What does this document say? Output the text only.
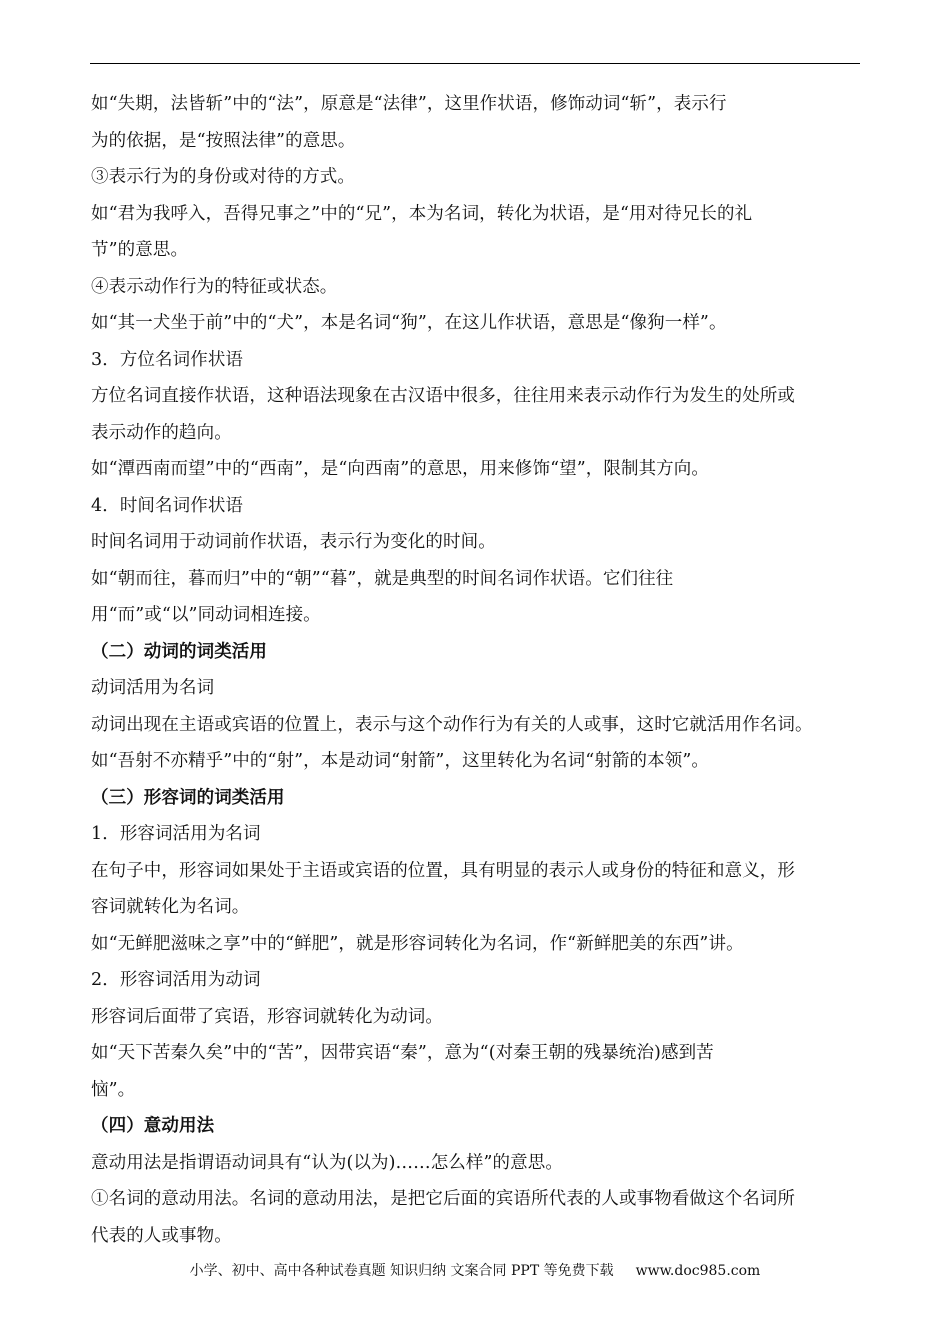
如“失期，法皆斩”中的“法”，原意是“法律”，这里作状语，修饰动词“斩”，表示行
为的依据，是“按照法律”的意思。
③表示行为的身份或对待的方式。
如“君为我呼入，吾得兄事之”中的“兄”，本为名词，转化为状语，是“用对待兄长的礼
节”的意思。
④表示动作行为的特征或状态。
如“其一犬坐于前”中的“犬”，本是名词“狗”，在这儿作状语，意思是“像狗一样”。
3．方位名词作状语
方位名词直接作状语，这种语法现象在古汉语中很多，往往用来表示动作行为发生的处所或
表示动作的趋向。
如“潭西南而望”中的“西南”，是“向西南”的意思，用来修饰“望”，限制其方向。
4．时间名词作状语
时间名词用于动词前作状语，表示行为变化的时间。
如“朝而往，暮而归”中的“朝”“暮”，就是典型的时间名词作状语。它们往往
用“而”或“以”同动词相连接。
（二）动词的词类活用
动词活用为名词
动词出现在主语或宾语的位置上，表示与这个动作行为有关的人或事，这时它就活用作名词。
如“吾射不亦精乎”中的“射”，本是动词“射箭”，这里转化为名词“射箭的本领”。
（三）形容词的词类活用
1．形容词活用为名词
在句子中，形容词如果处于主语或宾语的位置，具有明显的表示人或身份的特征和意义，形
容词就转化为名词。
如“无鲜肥滋味之享”中的“鲜肥”，就是形容词转化为名词，作“新鲜肥美的东西”讲。
2．形容词活用为动词
形容词后面带了宾语，形容词就转化为动词。
如“天下苦秦久矣”中的“苦”，因带宾语“秦”，意为“(对秦王朝的残暴统治)感到苦
恼”。
（四）意动用法
意动用法是指谓语动词具有“认为(以为)……怎么样”的意思。
①名词的意动用法。名词的意动用法，是把它后面的宾语所代表的人或事物看做这个名词所
代表的人或事物。
小学、初中、高中各种试卷真题 知识归纳 文案合同 PPT 等免费下载 www.doc985.com
